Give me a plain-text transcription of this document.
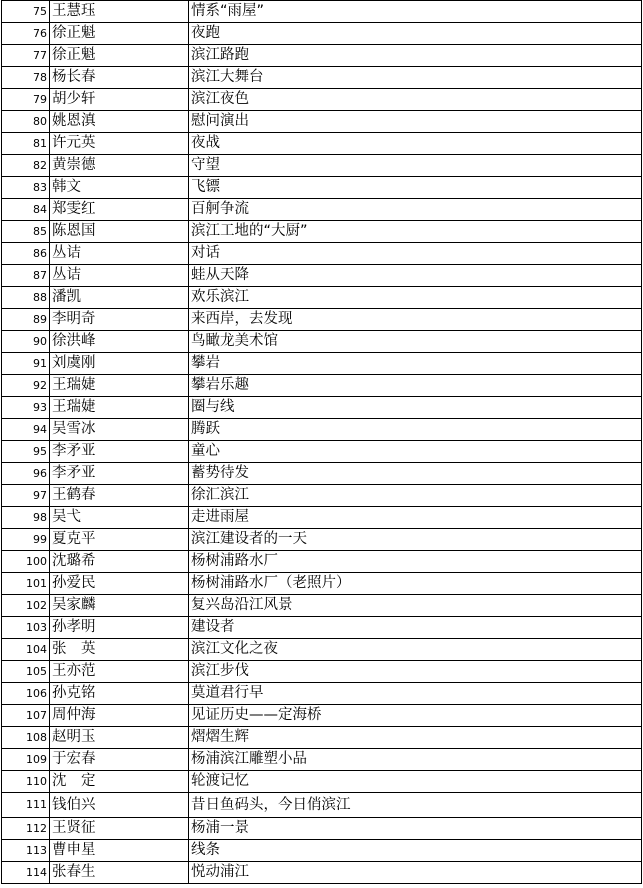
75	王慧珏	情系“雨屋”
76	徐正魁	夜跑
77	徐正魁	滨江路跑
78	杨长春	滨江大舞台
79	胡少轩	滨江夜色
80	姚恩滇	慰问演出
81	许元英	夜战
82	黄崇德	守望
83	韩文	飞镖
84	郑雯红	百舸争流
85	陈恩国	滨江工地的“大厨”
86	丛诘	对话
87	丛诘	蛙从天降
88	潘凯	欢乐滨江
89	李明奇	来西岸，去发现
90	徐洪峰	鸟瞰龙美术馆
91	刘虞刚	攀岩
92	王瑞婕	攀岩乐趣
93	王瑞婕	圈与线
94	吴雪冰	腾跃
95	李矛亚	童心
96	李矛亚	蓄势待发
97	王鹤春	徐汇滨江
98	吴弋	走进雨屋
99	夏克平	滨江建设者的一天
100	沈璐希	杨树浦路水厂
101	孙爱民	杨树浦路水厂（老照片）
102	吴家麟	复兴岛沿江风景
103	孙孝明	建设者
104	张　英	滨江文化之夜
105	王亦范	滨江步伐
106	孙克铭	莫道君行早
107	周仲海	见证历史——定海桥
108	赵明玉	熠熠生辉
109	于宏春	杨浦滨江雕塑小品
110	沈　定	轮渡记忆
111	钱伯兴	昔日鱼码头，今日俏滨江
112	王贤征	杨浦一景
113	曹申星	线条
114	张春生	悦动浦江
